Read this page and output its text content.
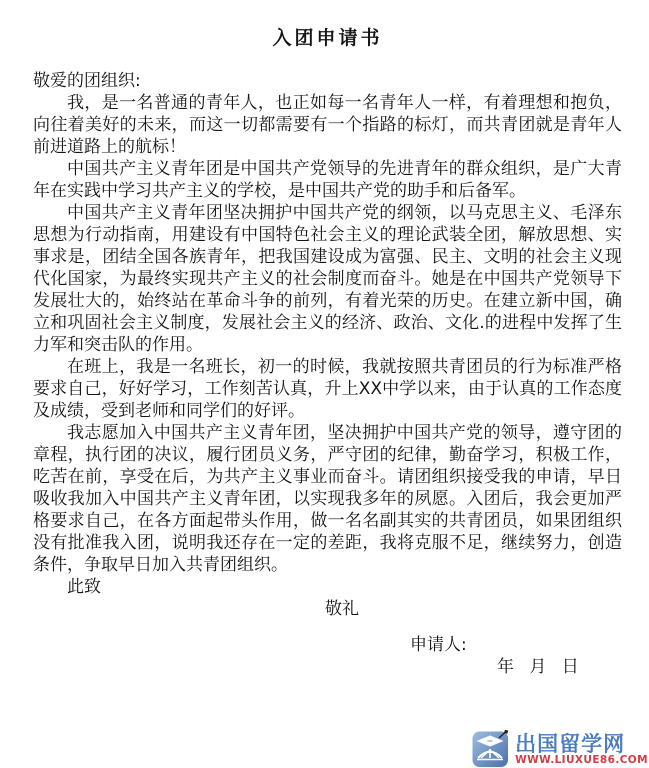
入团申请书

敬爱的团组织:

我，是一名普通的青年人，也正如每一名青年人一样，有着理想和抱负，向往着美好的未来，而这一切都需要有一个指路的标灯，而共青团就是青年人前进道路上的航标！

中国共产主义青年团是中国共产党领导的先进青年的群众组织，是广大青年在实践中学习共产主义的学校，是中国共产党的助手和后备军。

中国共产主义青年团坚决拥护中国共产党的纲领，以马克思主义、毛泽东思想为行动指南，用建设有中国特色社会主义的理论武装全团，解放思想、实事求是，团结全国各族青年，把我国建设成为富强、民主、文明的社会主义现代化国家，为最终实现共产主义的社会制度而奋斗。她是在中国共产党领导下发展壮大的，始终站在革命斗争的前列，有着光荣的历史。在建立新中国，确立和巩固社会主义制度，发展社会主义的经济、政治、文化.的进程中发挥了生力军和突击队的作用。

在班上，我是一名班长，初一的时候，我就按照共青团员的行为标准严格要求自己，好好学习，工作刻苦认真，升上XX中学以来，由于认真的工作态度及成绩，受到老师和同学们的好评。

我志愿加入中国共产主义青年团，坚决拥护中国共产党的领导，遵守团的章程，执行团的决议，履行团员义务，严守团的纪律，勤奋学习，积极工作，吃苦在前，享受在后，为共产主义事业而奋斗。请团组织接受我的申请，早日吸收我加入中国共产主义青年团，以实现我多年的夙愿。入团后，我会更加严格要求自己，在各方面起带头作用，做一名名副其实的共青团员，如果团组织没有批准我入团，说明我还存在一定的差距，我将克服不足，继续努力，创造条件，争取早日加入共青团组织。

此致

敬礼

申请人:

年 月 日

出国留学网
WWW.LIUXUE86.COM
